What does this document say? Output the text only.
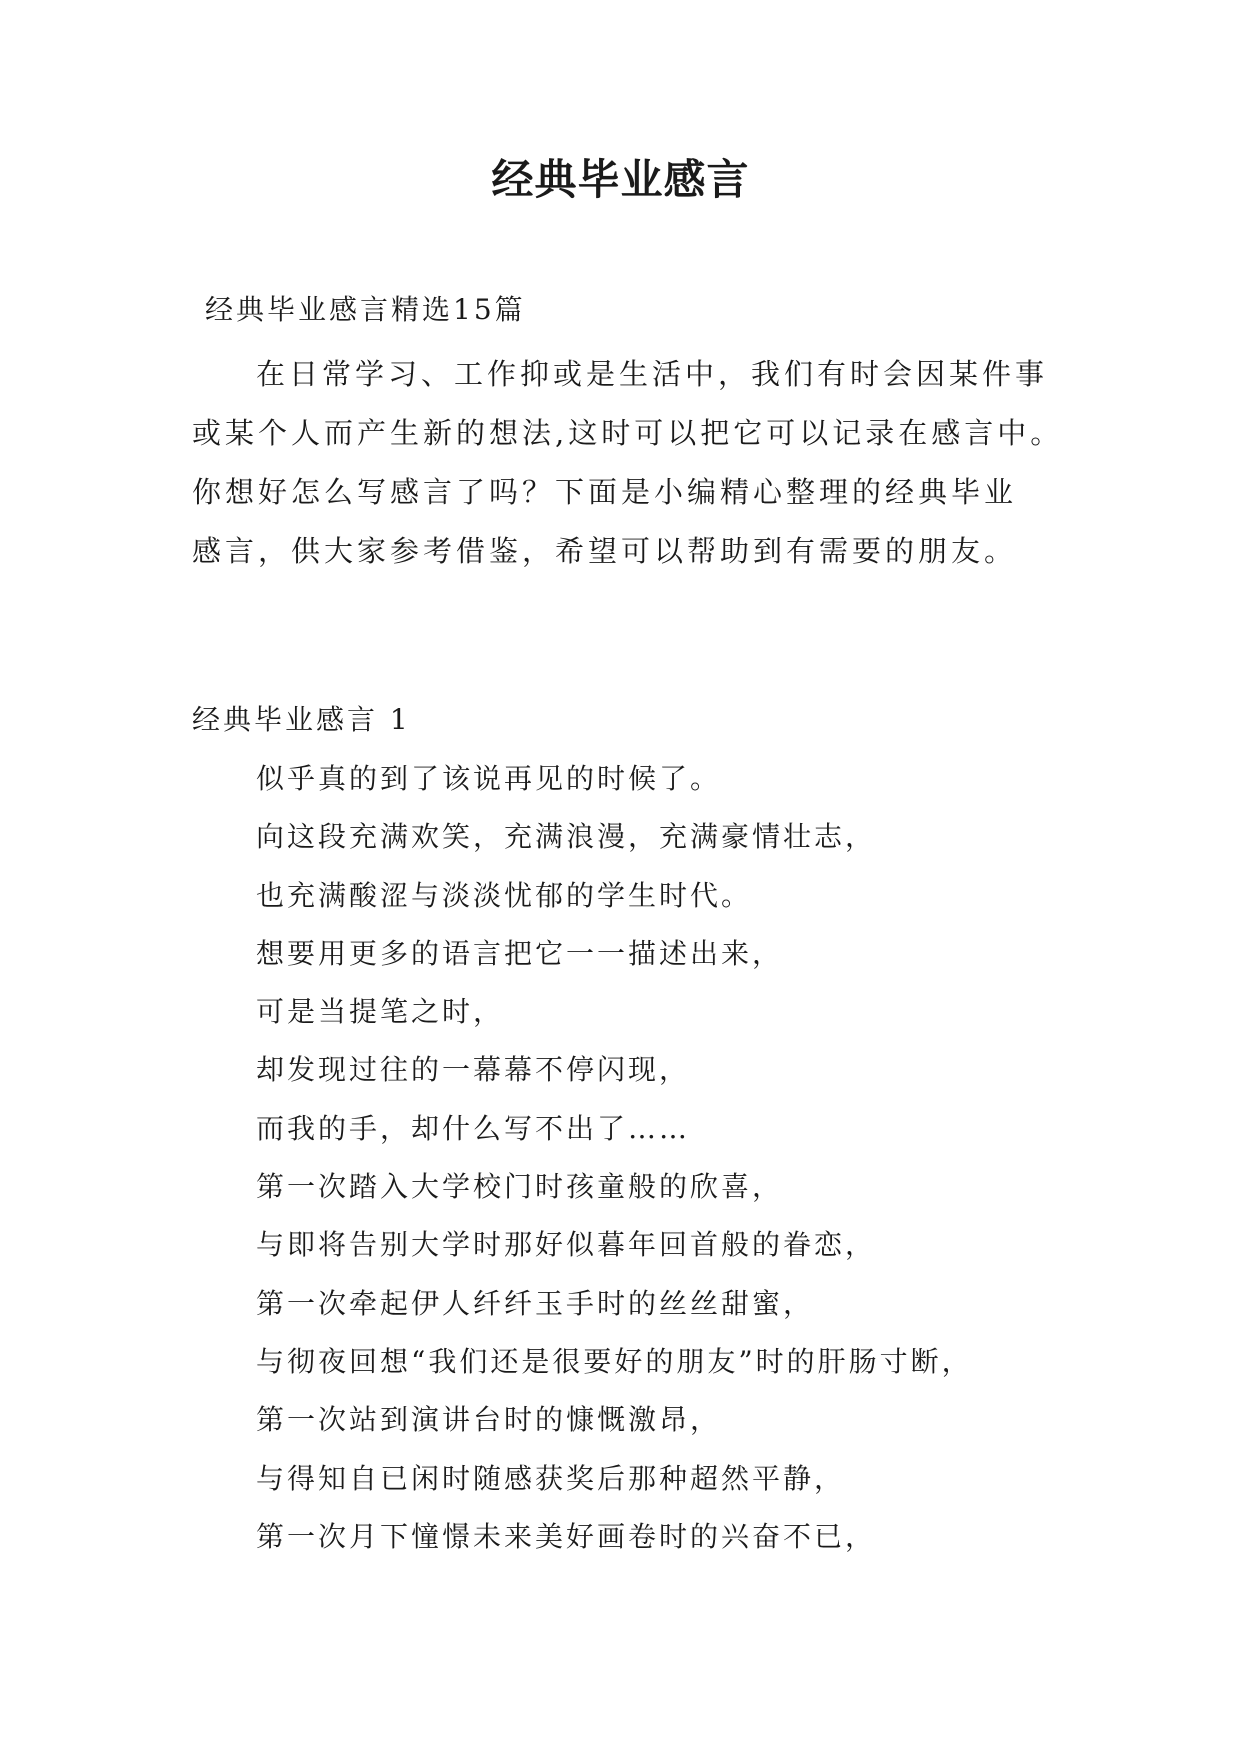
经典毕业感言

经典毕业感言精选15篇

在日常学习、工作抑或是生活中，我们有时会因某件事
或某个人而产生新的想法,这时可以把它可以记录在感言中。
你想好怎么写感言了吗？下面是小编精心整理的经典毕业
感言，供大家参考借鉴，希望可以帮助到有需要的朋友。

经典毕业感言 1

似乎真的到了该说再见的时候了。
向这段充满欢笑，充满浪漫，充满豪情壮志，
也充满酸涩与淡淡忧郁的学生时代。
想要用更多的语言把它一一描述出来，
可是当提笔之时，
却发现过往的一幕幕不停闪现，
而我的手，却什么写不出了……
第一次踏入大学校门时孩童般的欣喜，
与即将告别大学时那好似暮年回首般的眷恋，
第一次牵起伊人纤纤玉手时的丝丝甜蜜，
与彻夜回想“我们还是很要好的朋友”时的肝肠寸断，
第一次站到演讲台时的慷慨激昂，
与得知自已闲时随感获奖后那种超然平静，
第一次月下憧憬未来美好画卷时的兴奋不已，
